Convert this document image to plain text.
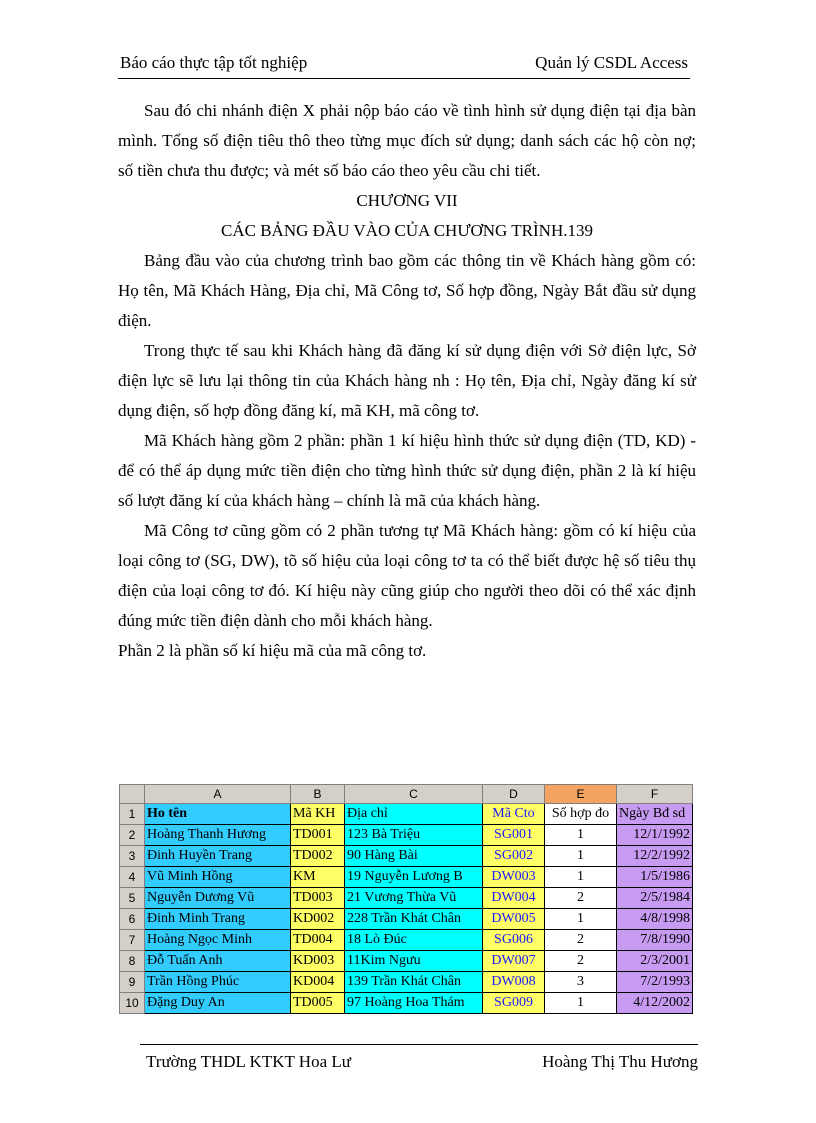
Báo cáo thực tập tốt nghiệp	Quản lý CSDL Access

Sau đó chi nhánh điện X phải nộp báo cáo về tình hình sử dụng điện tại địa bàn mình. Tổng số điện tiêu thô theo từng mục đích sử dụng; danh sách các hộ còn nợ; số tiền chưa thu được; và mét số báo cáo theo yêu cầu chi tiết.

CHƯƠNG VII

CÁC BẢNG ĐẦU VÀO CỦA CHƯƠNG TRÌNH.139

Bảng đầu vào của chương trình bao gồm các thông tin về Khách hàng gồm có: Họ tên, Mã Khách Hàng, Địa chỉ, Mã Công tơ, Số hợp đồng, Ngày Bắt đầu sử dụng điện.

Trong thực tế sau khi Khách hàng đã đăng kí sử dụng điện với Sở điện lực, Sở điện lực sẽ lưu lại thông tin của Khách hàng nh : Họ tên, Địa chỉ, Ngày đăng kí sử dụng điện, số hợp đồng đăng kí, mã KH, mã công tơ.

Mã Khách hàng gồm 2 phần: phần 1 kí hiệu hình thức sử dụng điện (TD, KD) - để có thể áp dụng mức tiền điện cho từng hình thức sử dụng điện, phần 2 là kí hiệu số lượt đăng kí của khách hàng – chính là mã của khách hàng.

Mã Công tơ cũng gồm có 2 phần tương tự Mã Khách hàng: gồm có kí hiệu của loại công tơ (SG, DW), tõ số hiệu của loại công tơ ta có thể biết được hệ số tiêu thụ điện của loại công tơ đó. Kí hiệu này cũng giúp cho người theo dõi có thể xác định đúng mức tiền điện dành cho mỗi khách hàng.

Phần 2 là phần số kí hiệu mã của mã công tơ.

	A	B	C	D	E	F
1	Ho tên	Mã KH	Địa chỉ	Mã Cto	Số hợp đo	Ngày Bđ sd
2	Hoàng Thanh Hương	TD001	123 Bà Triệu	SG001	1	12/1/1992
3	Đinh Huyền Trang	TD002	90 Hàng Bài	SG002	1	12/2/1992
4	Vũ Minh Hồng	KM	19 Nguyễn Lương B	DW003	1	1/5/1986
5	Nguyễn Dương Vũ	TD003	21 Vương Thừa Vũ	DW004	2	2/5/1984
6	Đinh Minh Trang	KD002	228 Trần Khát Chân	DW005	1	4/8/1998
7	Hoàng Ngọc Minh	TD004	18 Lò Đúc	SG006	2	7/8/1990
8	Đỗ Tuấn Anh	KD003	11Kim Ngưu	DW007	2	2/3/2001
9	Trần Hồng Phúc	KD004	139 Trần Khát Chân	DW008	3	7/2/1993
10	Đặng Duy An	TD005	97 Hoàng Hoa Thám	SG009	1	4/12/2002
Trường THDL KTKT Hoa Lư	Hoàng Thị Thu Hương
